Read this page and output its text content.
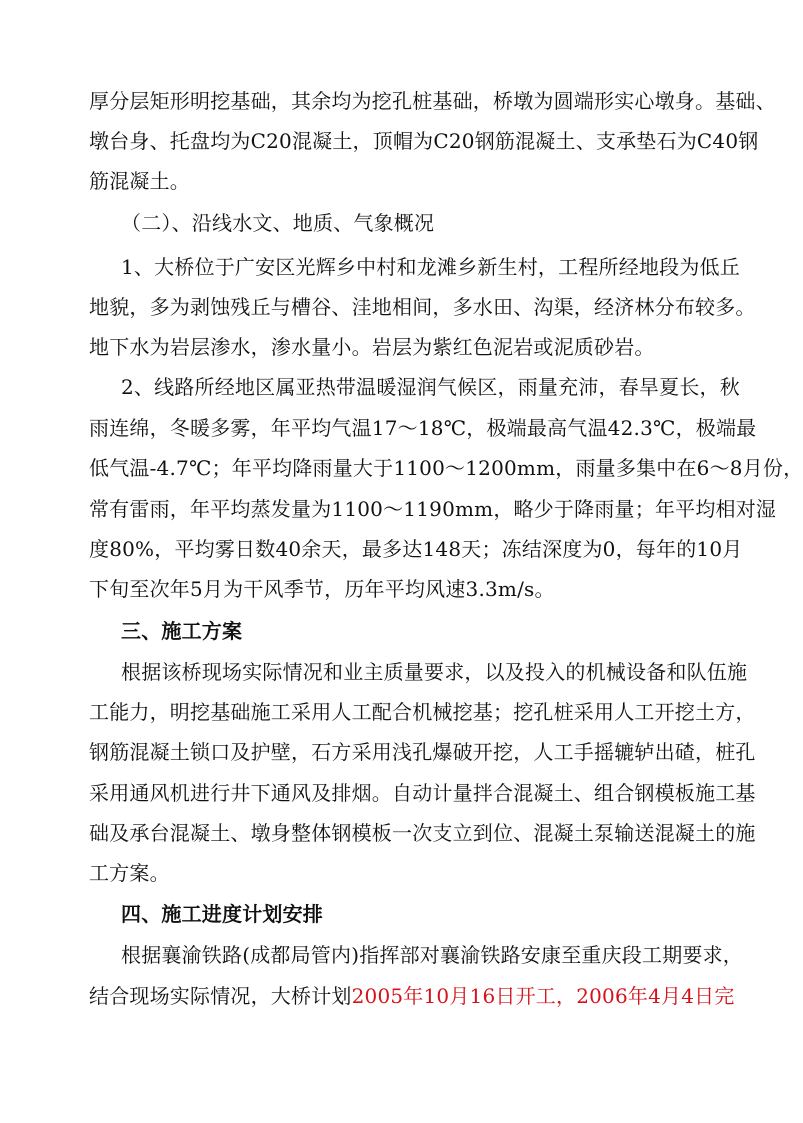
厚分层矩形明挖基础，其余均为挖孔桩基础，桥墩为圆端形实心墩身。基础、
墩台身、托盘均为C20混凝土，顶帽为C20钢筋混凝土、支承垫石为C40钢
筋混凝土。
（二）、沿线水文、地质、气象概况
1、大桥位于广安区光辉乡中村和龙滩乡新生村，工程所经地段为低丘
地貌，多为剥蚀残丘与槽谷、洼地相间，多水田、沟渠，经济林分布较多。
地下水为岩层渗水，渗水量小。岩层为紫红色泥岩或泥质砂岩。
2、线路所经地区属亚热带温暖湿润气候区，雨量充沛，春旱夏长，秋
雨连绵，冬暖多雾，年平均气温17～18℃，极端最高气温42.3℃，极端最
低气温-4.7℃；年平均降雨量大于1100～1200mm，雨量多集中在6～8月份，
常有雷雨，年平均蒸发量为1100～1190mm，略少于降雨量；年平均相对湿
度80%，平均雾日数40余天，最多达148天；冻结深度为0，每年的10月
下旬至次年5月为干风季节，历年平均风速3.3m/s。
三、施工方案
根据该桥现场实际情况和业主质量要求，以及投入的机械设备和队伍施
工能力，明挖基础施工采用人工配合机械挖基；挖孔桩采用人工开挖土方，
钢筋混凝土锁口及护壁，石方采用浅孔爆破开挖，人工手摇辘轳出碴，桩孔
采用通风机进行井下通风及排烟。自动计量拌合混凝土、组合钢模板施工基
础及承台混凝土、墩身整体钢模板一次支立到位、混凝土泵输送混凝土的施
工方案。
四、施工进度计划安排
根据襄渝铁路(成都局管内)指挥部对襄渝铁路安康至重庆段工期要求，
结合现场实际情况，大桥计划2005年10月16日开工，2006年4月4日完
